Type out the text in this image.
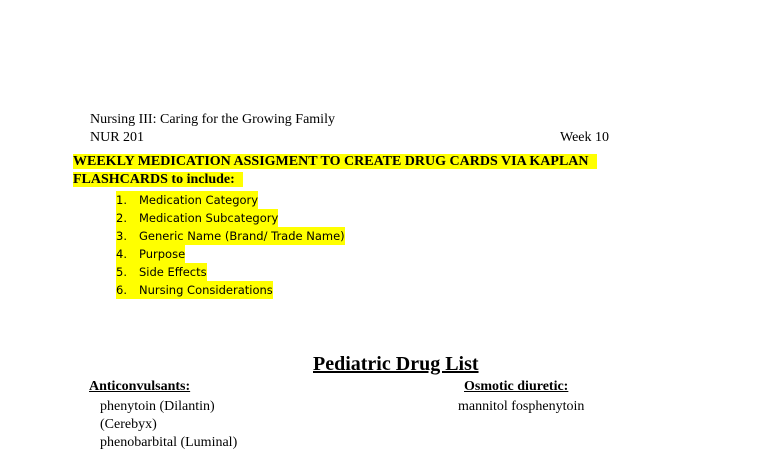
Nursing III: Caring for the Growing Family
NUR 201	Week 10
WEEKLY MEDICATION ASSIGMENT TO CREATE DRUG CARDS VIA KAPLAN
FLASHCARDS to include:
1. Medication Category
2. Medication Subcategory
3. Generic Name (Brand/ Trade Name)
4. Purpose
5. Side Effects
6. Nursing Considerations
Pediatric Drug List
Anticonvulsants:	Osmotic diuretic:
phenytoin (Dilantin)
(Cerebyx)
phenobarbital (Luminal)
mannitol fosphenytoin
